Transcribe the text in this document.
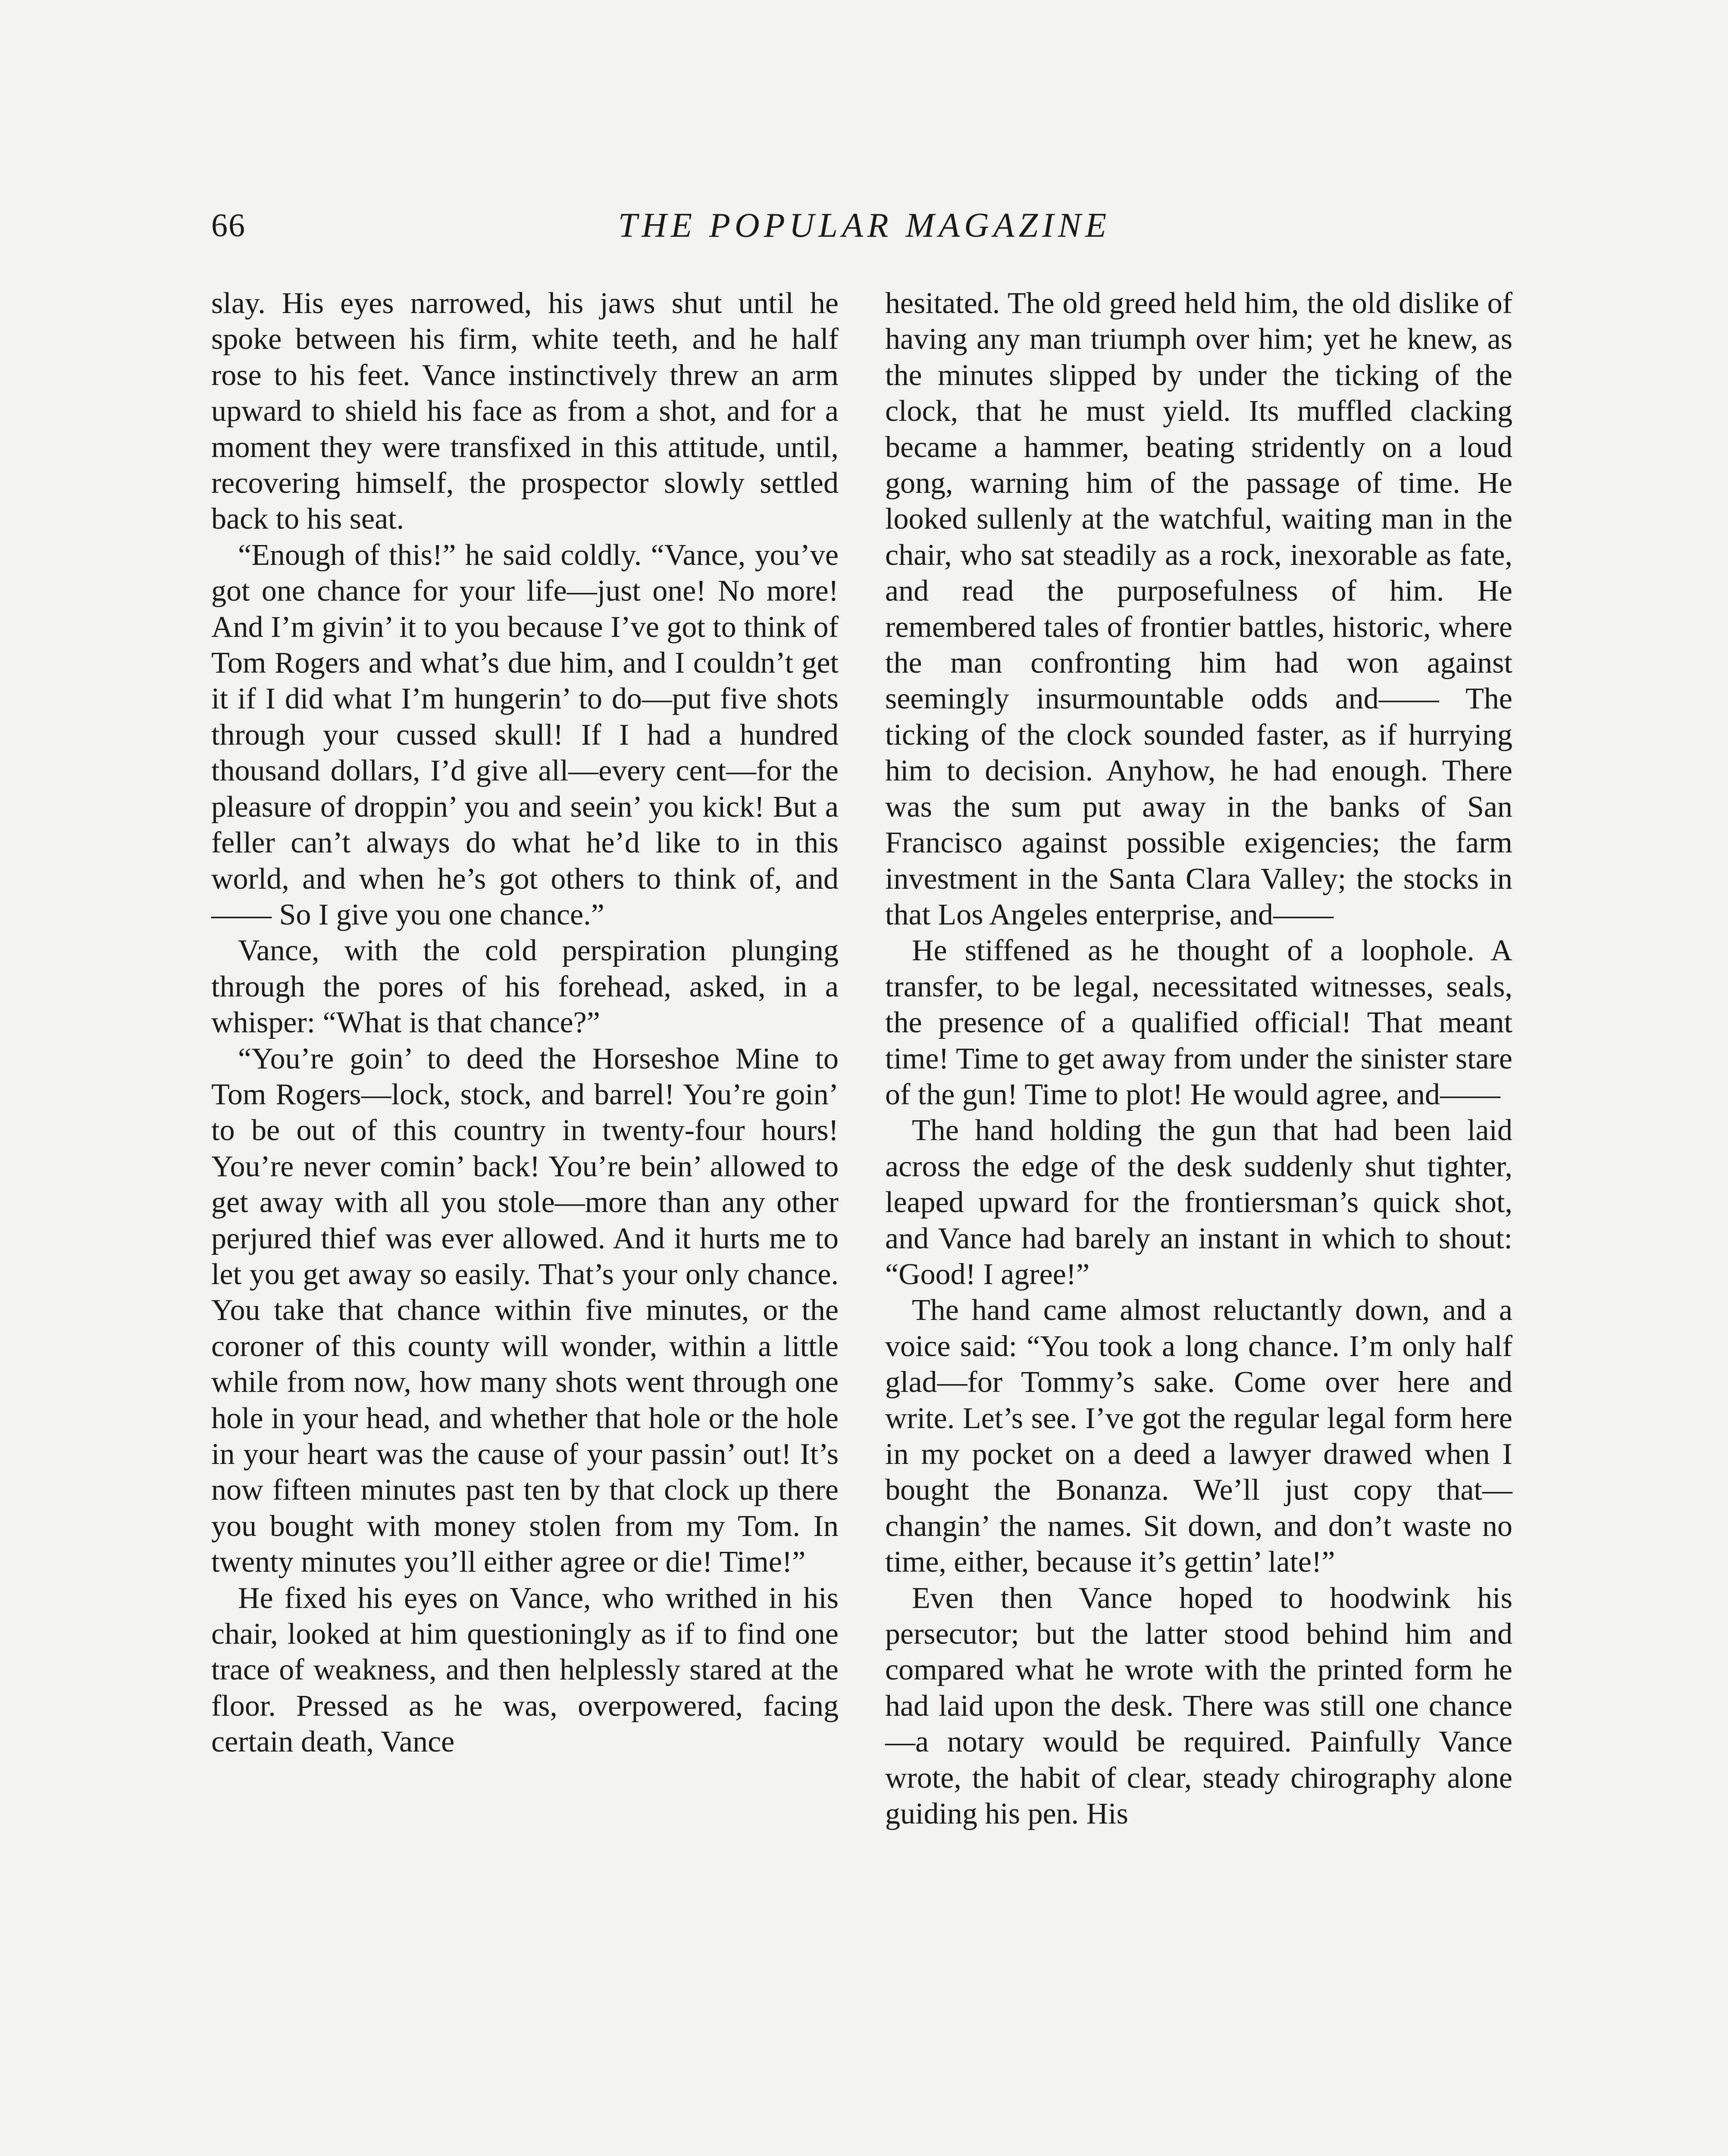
66	THE POPULAR MAGAZINE

slay. His eyes narrowed, his jaws shut until he spoke between his firm, white teeth, and he half rose to his feet. Vance instinctively threw an arm upward to shield his face as from a shot, and for a moment they were transfixed in this attitude, until, recovering himself, the prospector slowly settled back to his seat.

“Enough of this!” he said coldly. “Vance, you’ve got one chance for your life—just one! No more! And I’m givin’ it to you because I’ve got to think of Tom Rogers and what’s due him, and I couldn’t get it if I did what I’m hungerin’ to do—put five shots through your cussed skull! If I had a hundred thousand dollars, I’d give all—every cent—for the pleasure of droppin’ you and seein’ you kick! But a feller can’t always do what he’d like to in this world, and when he’s got others to think of, and—— So I give you one chance.”

Vance, with the cold perspiration plunging through the pores of his forehead, asked, in a whisper: “What is that chance?”

“You’re goin’ to deed the Horseshoe Mine to Tom Rogers—lock, stock, and barrel! You’re goin’ to be out of this country in twenty-four hours! You’re never comin’ back! You’re bein’ allowed to get away with all you stole—more than any other perjured thief was ever allowed. And it hurts me to let you get away so easily. That’s your only chance. You take that chance within five minutes, or the coroner of this county will wonder, within a little while from now, how many shots went through one hole in your head, and whether that hole or the hole in your heart was the cause of your passin’ out! It’s now fifteen minutes past ten by that clock up there you bought with money stolen from my Tom. In twenty minutes you’ll either agree or die! Time!”

He fixed his eyes on Vance, who writhed in his chair, looked at him questioningly as if to find one trace of weakness, and then helplessly stared at the floor. Pressed as he was, overpowered, facing certain death, Vance

hesitated. The old greed held him, the old dislike of having any man triumph over him; yet he knew, as the minutes slipped by under the ticking of the clock, that he must yield. Its muffled clacking became a hammer, beating stridently on a loud gong, warning him of the passage of time. He looked sullenly at the watchful, waiting man in the chair, who sat steadily as a rock, inexorable as fate, and read the purposefulness of him. He remembered tales of frontier battles, historic, where the man confronting him had won against seemingly insurmountable odds and—— The ticking of the clock sounded faster, as if hurrying him to decision. Anyhow, he had enough. There was the sum put away in the banks of San Francisco against possible exigencies; the farm investment in the Santa Clara Valley; the stocks in that Los Angeles enterprise, and——

He stiffened as he thought of a loophole. A transfer, to be legal, necessitated witnesses, seals, the presence of a qualified official! That meant time! Time to get away from under the sinister stare of the gun! Time to plot! He would agree, and——

The hand holding the gun that had been laid across the edge of the desk suddenly shut tighter, leaped upward for the frontiersman’s quick shot, and Vance had barely an instant in which to shout: “Good! I agree!”

The hand came almost reluctantly down, and a voice said: “You took a long chance. I’m only half glad—for Tommy’s sake. Come over here and write. Let’s see. I’ve got the regular legal form here in my pocket on a deed a lawyer drawed when I bought the Bonanza. We’ll just copy that—changin’ the names. Sit down, and don’t waste no time, either, because it’s gettin’ late!”

Even then Vance hoped to hoodwink his persecutor; but the latter stood behind him and compared what he wrote with the printed form he had laid upon the desk. There was still one chance—a notary would be required. Painfully Vance wrote, the habit of clear, steady chirography alone guiding his pen. His
